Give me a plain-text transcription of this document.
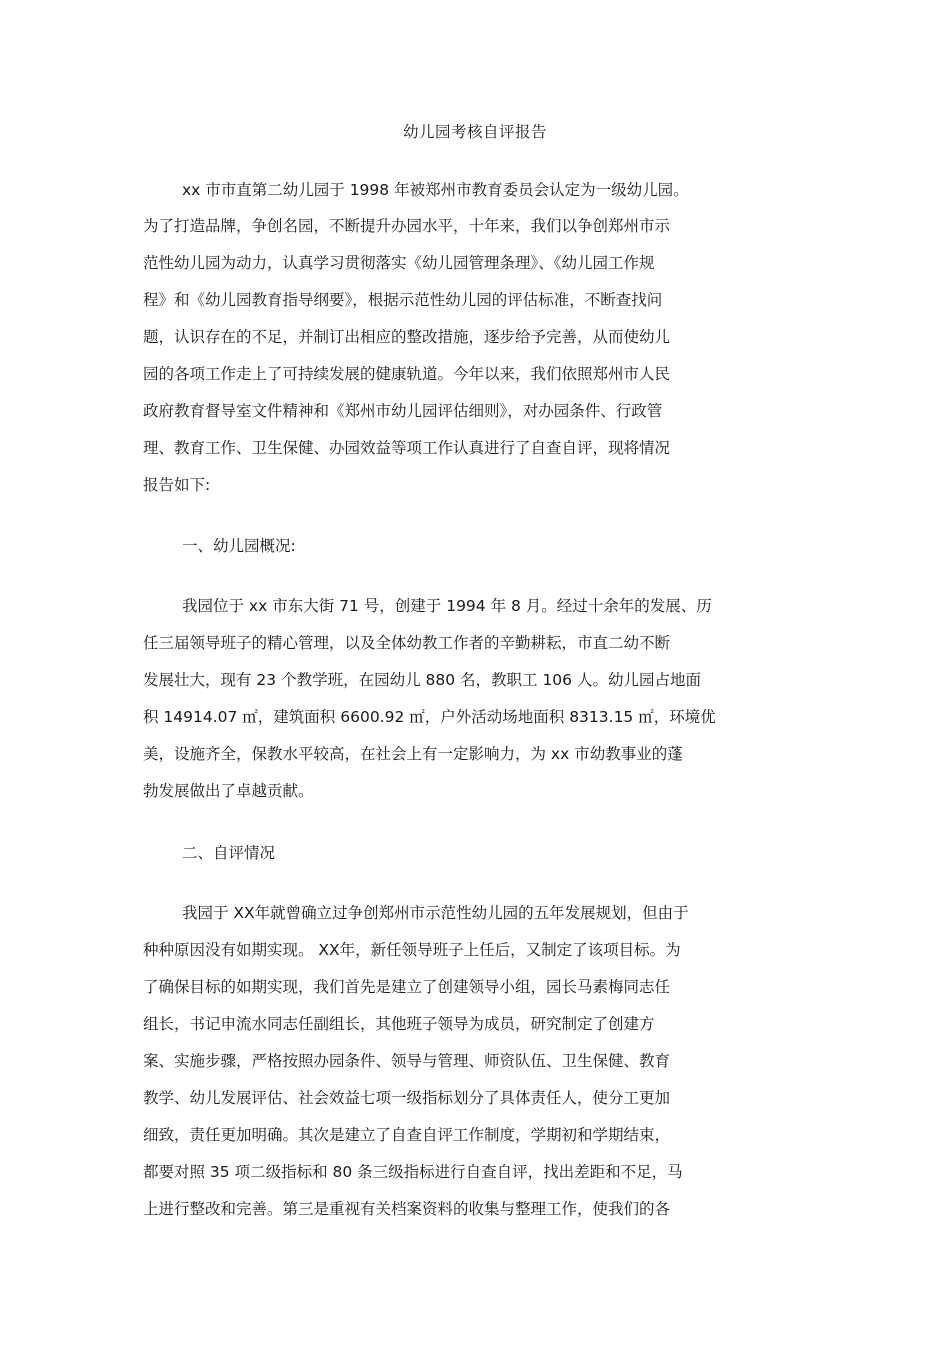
幼儿园考核自评报告
xx 市市直第二幼儿园于 1998 年被郑州市教育委员会认定为一级幼儿园。
为了打造品牌，争创名园，不断提升办园水平，十年来，我们以争创郑州市示
范性幼儿园为动力，认真学习贯彻落实《幼儿园管理条理》、《幼儿园工作规
程》和《幼儿园教育指导纲要》，根据示范性幼儿园的评估标准，不断查找问
题，认识存在的不足，并制订出相应的整改措施，逐步给予完善，从而使幼儿
园的各项工作走上了可持续发展的健康轨道。今年以来，我们依照郑州市人民
政府教育督导室文件精神和《郑州市幼儿园评估细则》，对办园条件、行政管
理、教育工作、卫生保健、办园效益等项工作认真进行了自查自评，现将情况
报告如下:
一、幼儿园概况:
我园位于 xx 市东大街 71 号，创建于 1994 年 8 月。经过十余年的发展、历
任三届领导班子的精心管理，以及全体幼教工作者的辛勤耕耘，市直二幼不断
发展壮大，现有 23 个教学班，在园幼儿 880 名，教职工 106 人。幼儿园占地面
积 14914.07 ㎡，建筑面积 6600.92 ㎡，户外活动场地面积 8313.15 ㎡，环境优
美，设施齐全，保教水平较高，在社会上有一定影响力，为 xx 市幼教事业的蓬
勃发展做出了卓越贡献。
二、自评情况
我园于 XX年就曾确立过争创郑州市示范性幼儿园的五年发展规划，但由于
种种原因没有如期实现。 XX年，新任领导班子上任后，又制定了该项目标。为
了确保目标的如期实现，我们首先是建立了创建领导小组，园长马素梅同志任
组长，书记申流水同志任副组长，其他班子领导为成员，研究制定了创建方
案、实施步骤，严格按照办园条件、领导与管理、师资队伍、卫生保健、教育
教学、幼儿发展评估、社会效益七项一级指标划分了具体责任人，使分工更加
细致，责任更加明确。其次是建立了自查自评工作制度，学期初和学期结束，
都要对照 35 项二级指标和 80 条三级指标进行自查自评，找出差距和不足，马
上进行整改和完善。第三是重视有关档案资料的收集与整理工作，使我们的各
